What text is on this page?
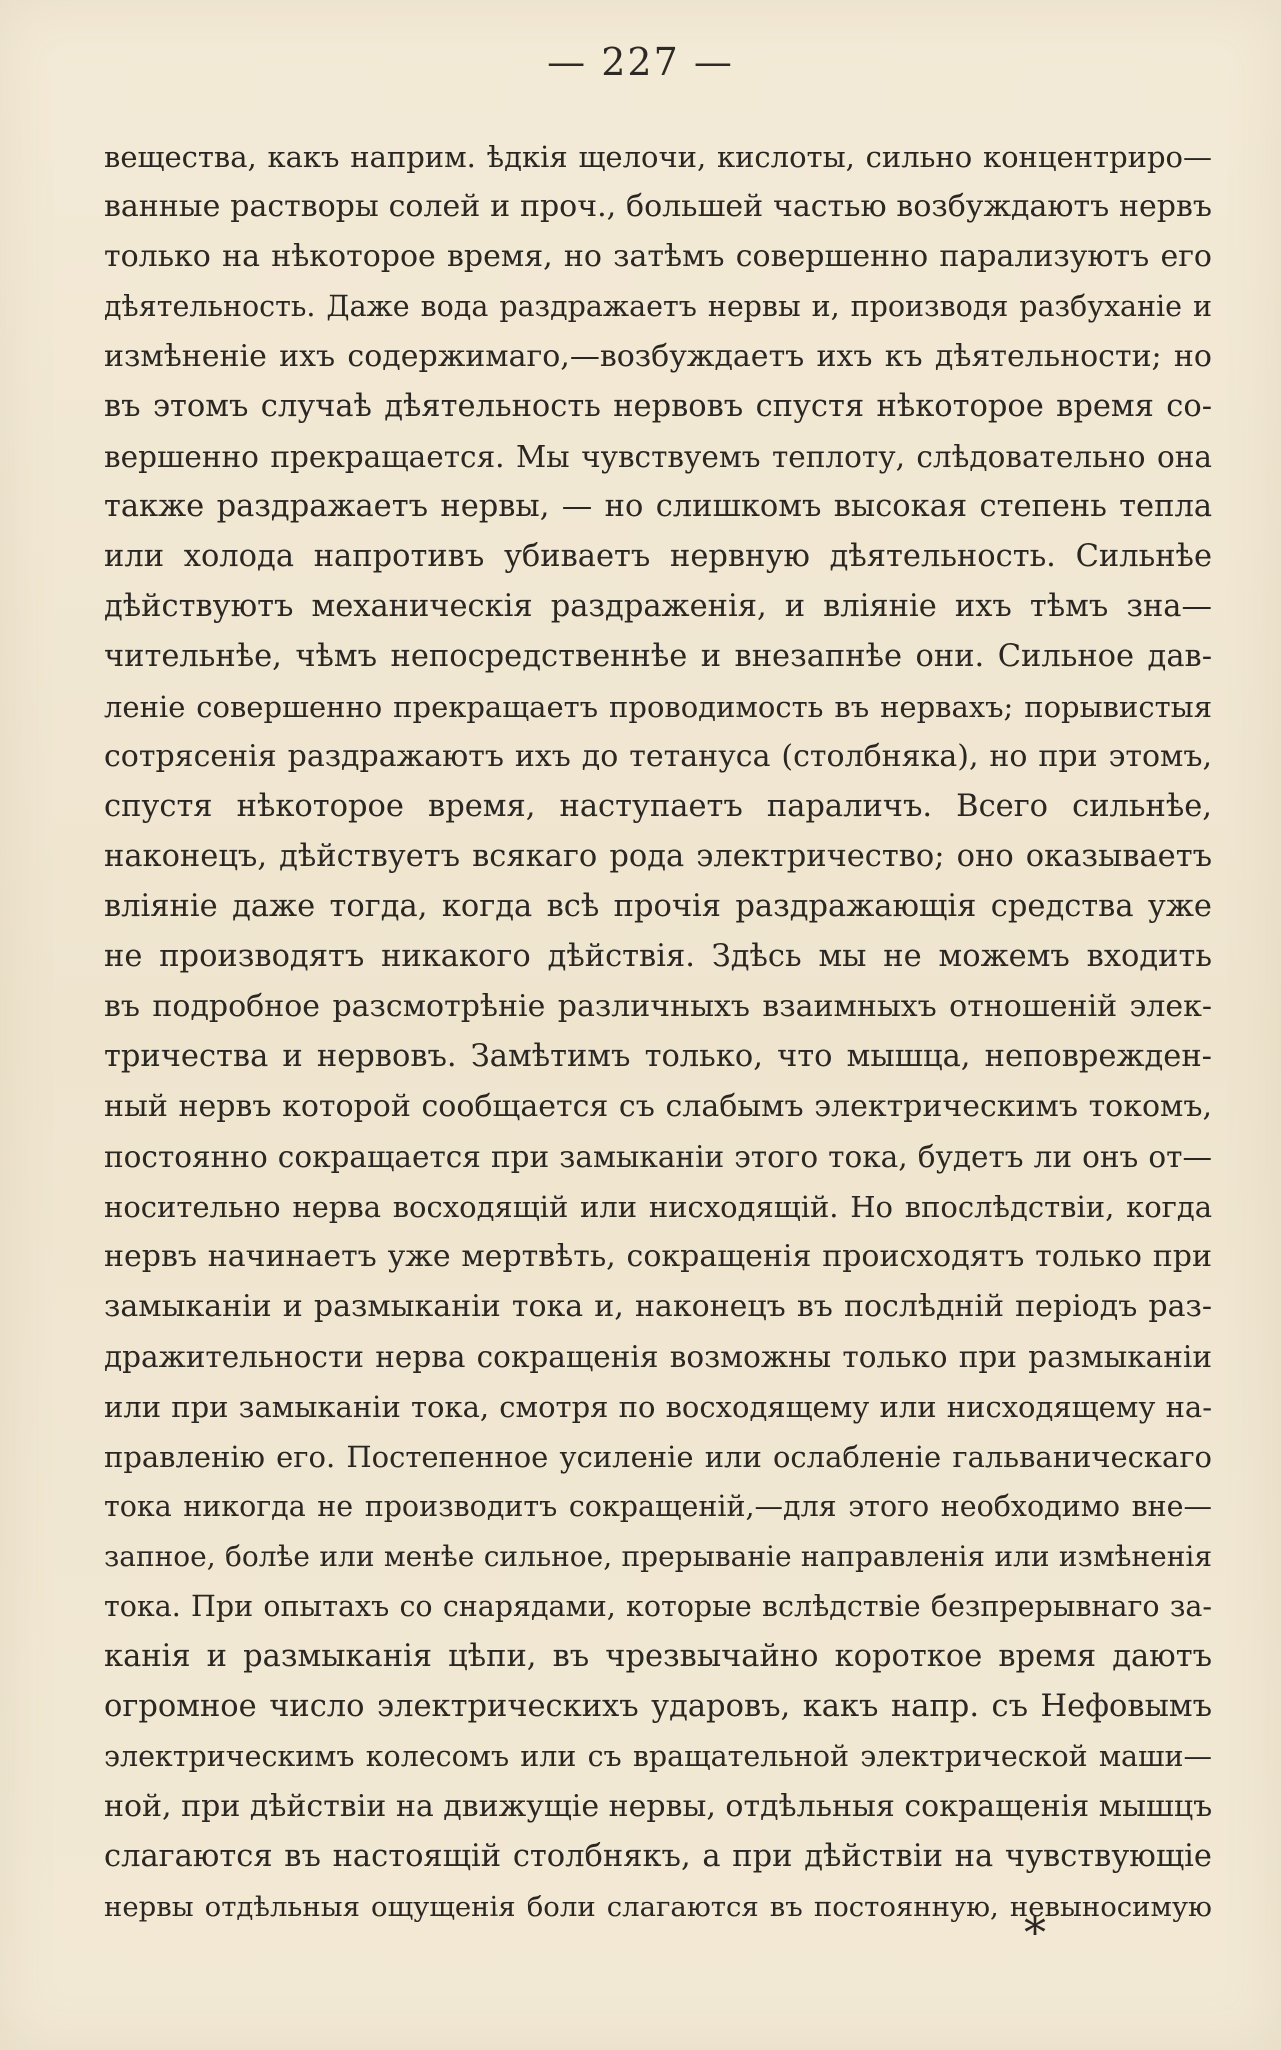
— 227 —
вещества, какъ наприм. ѣдкія щелочи, кислоты, сильно концентриро—
ванные растворы солей и проч., большей частью возбуждаютъ нервъ
только на нѣкоторое время, но затѣмъ совершенно парализуютъ его
дѣятельность. Даже вода раздражаетъ нервы и, производя разбуханіе и
измѣненіе ихъ содержимаго,—возбуждаетъ ихъ къ дѣятельности; но
въ этомъ случаѣ дѣятельность нервовъ спустя нѣкоторое время со-
вершенно прекращается. Мы чувствуемъ теплоту, слѣдовательно она
также раздражаетъ нервы, — но слишкомъ высокая степень тепла
или холода напротивъ убиваетъ нервную дѣятельность. Сильнѣе
дѣйствуютъ механическія раздраженія, и вліяніе ихъ тѣмъ зна—
чительнѣе, чѣмъ непосредственнѣе и внезапнѣе они. Сильное дав-
леніе совершенно прекращаетъ проводимость въ нервахъ; порывистыя
сотрясенія раздражаютъ ихъ до тетануса (столбняка), но при этомъ,
спустя нѣкоторое время, наступаетъ параличъ. Всего сильнѣе,
наконецъ, дѣйствуетъ всякаго рода электричество; оно оказываетъ
вліяніе даже тогда, когда всѣ прочія раздражающія средства уже
не производятъ никакого дѣйствія. Здѣсь мы не можемъ входить
въ подробное разсмотрѣніе различныхъ взаимныхъ отношеній элек-
тричества и нервовъ. Замѣтимъ только, что мышца, неповрежден-
ный нервъ которой сообщается съ слабымъ электрическимъ токомъ,
постоянно сокращается при замыканіи этого тока, будетъ ли онъ от—
носительно нерва восходящій или нисходящій. Но впослѣдствіи, когда
нервъ начинаетъ уже мертвѣть, сокращенія происходятъ только при
замыканіи и размыканіи тока и, наконецъ въ послѣдній періодъ раз-
дражительности нерва сокращенія возможны только при размыканіи
или при замыканіи тока, смотря по восходящему или нисходящему на-
правленію его. Постепенное усиленіе или ослабленіе гальваническаго
тока никогда не производитъ сокращеній,—для этого необходимо вне—
запное, болѣе или менѣе сильное, прерываніе направленія или измѣненія
тока. При опытахъ со снарядами, которые вслѣдствіе безпрерывнаго за-
канія и размыканія цѣпи, въ чрезвычайно короткое время даютъ
огромное число электрическихъ ударовъ, какъ напр. съ Нефовымъ
электрическимъ колесомъ или съ вращательной электрической маши—
ной, при дѣйствіи на движущіе нервы, отдѣльныя сокращенія мышцъ
слагаются въ настоящій столбнякъ, а при дѣйствіи на чувствующіе
нервы отдѣльныя ощущенія боли слагаются въ постоянную, невыносимую
*
